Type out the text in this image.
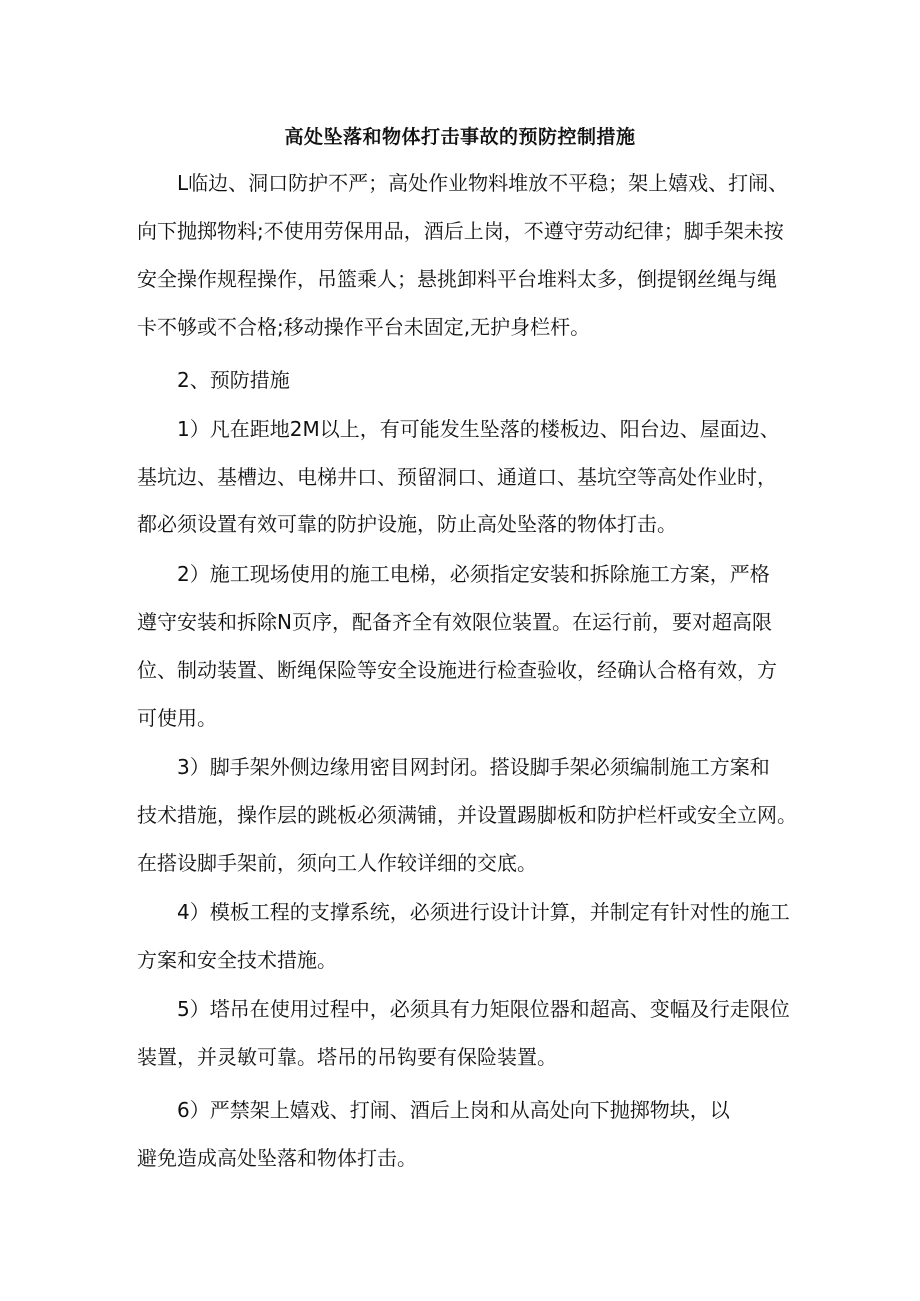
高处坠落和物体打击事故的预防控制措施
L临边、洞口防护不严；高处作业物料堆放不平稳；架上嬉戏、打闹、
向下抛掷物料;不使用劳保用品，酒后上岗，不遵守劳动纪律；脚手架未按
安全操作规程操作，吊篮乘人；悬挑卸料平台堆料太多，倒提钢丝绳与绳
卡不够或不合格;移动操作平台未固定,无护身栏杆。
2、预防措施
1）凡在距地2M以上，有可能发生坠落的楼板边、阳台边、屋面边、
基坑边、基槽边、电梯井口、预留洞口、通道口、基坑空等高处作业时，
都必须设置有效可靠的防护设施，防止高处坠落的物体打击。
2）施工现场使用的施工电梯，必须指定安装和拆除施工方案，严格
遵守安装和拆除N页序，配备齐全有效限位装置。在运行前，要对超高限
位、制动装置、断绳保险等安全设施进行检查验收，经确认合格有效，方
可使用。
3）脚手架外侧边缘用密目网封闭。搭设脚手架必须编制施工方案和
技术措施，操作层的跳板必须满铺，并设置踢脚板和防护栏杆或安全立网。
在搭设脚手架前，须向工人作较详细的交底。
4）模板工程的支撑系统，必须进行设计计算，并制定有针对性的施工
方案和安全技术措施。
5）塔吊在使用过程中，必须具有力矩限位器和超高、变幅及行走限位
装置，并灵敏可靠。塔吊的吊钩要有保险装置。
6）严禁架上嬉戏、打闹、酒后上岗和从高处向下抛掷物块，以
避免造成高处坠落和物体打击。
